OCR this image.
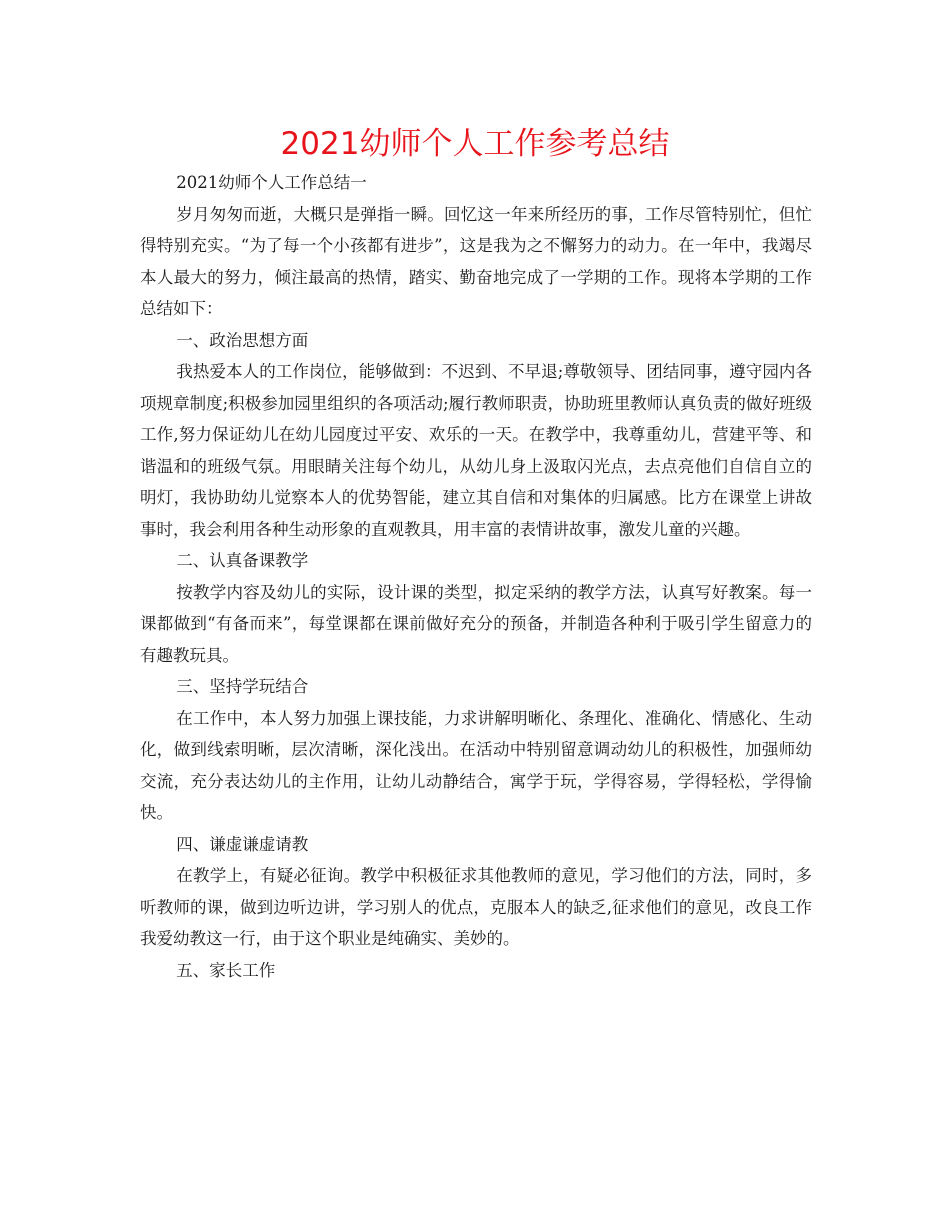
2021幼师个人工作参考总结

2021幼师个人工作总结一

岁月匆匆而逝，大概只是弹指一瞬。回忆这一年来所经历的事，工作尽管特别忙，但忙得特别充实。“为了每一个小孩都有进步”，这是我为之不懈努力的动力。在一年中，我竭尽本人最大的努力，倾注最高的热情，踏实、勤奋地完成了一学期的工作。现将本学期的工作总结如下：

一、政治思想方面

我热爱本人的工作岗位，能够做到：不迟到、不早退;尊敬领导、团结同事，遵守园内各项规章制度;积极参加园里组织的各项活动;履行教师职责，协助班里教师认真负责的做好班级工作,努力保证幼儿在幼儿园度过平安、欢乐的一天。在教学中，我尊重幼儿，营建平等、和谐温和的班级气氛。用眼睛关注每个幼儿，从幼儿身上汲取闪光点，去点亮他们自信自立的明灯，我协助幼儿觉察本人的优势智能，建立其自信和对集体的归属感。比方在课堂上讲故事时，我会利用各种生动形象的直观教具，用丰富的表情讲故事，激发儿童的兴趣。

二、认真备课教学

按教学内容及幼儿的实际，设计课的类型，拟定采纳的教学方法，认真写好教案。每一课都做到“有备而来”，每堂课都在课前做好充分的预备，并制造各种利于吸引学生留意力的有趣教玩具。

三、坚持学玩结合

在工作中，本人努力加强上课技能，力求讲解明晰化、条理化、准确化、情感化、生动化，做到线索明晰，层次清晰，深化浅出。在活动中特别留意调动幼儿的积极性，加强师幼交流，充分表达幼儿的主作用，让幼儿动静结合，寓学于玩，学得容易，学得轻松，学得愉快。

四、谦虚谦虚请教

在教学上，有疑必征询。教学中积极征求其他教师的意见，学习他们的方法，同时，多听教师的课，做到边听边讲，学习别人的优点，克服本人的缺乏,征求他们的意见，改良工作我爱幼教这一行，由于这个职业是纯确实、美妙的。

五、家长工作
